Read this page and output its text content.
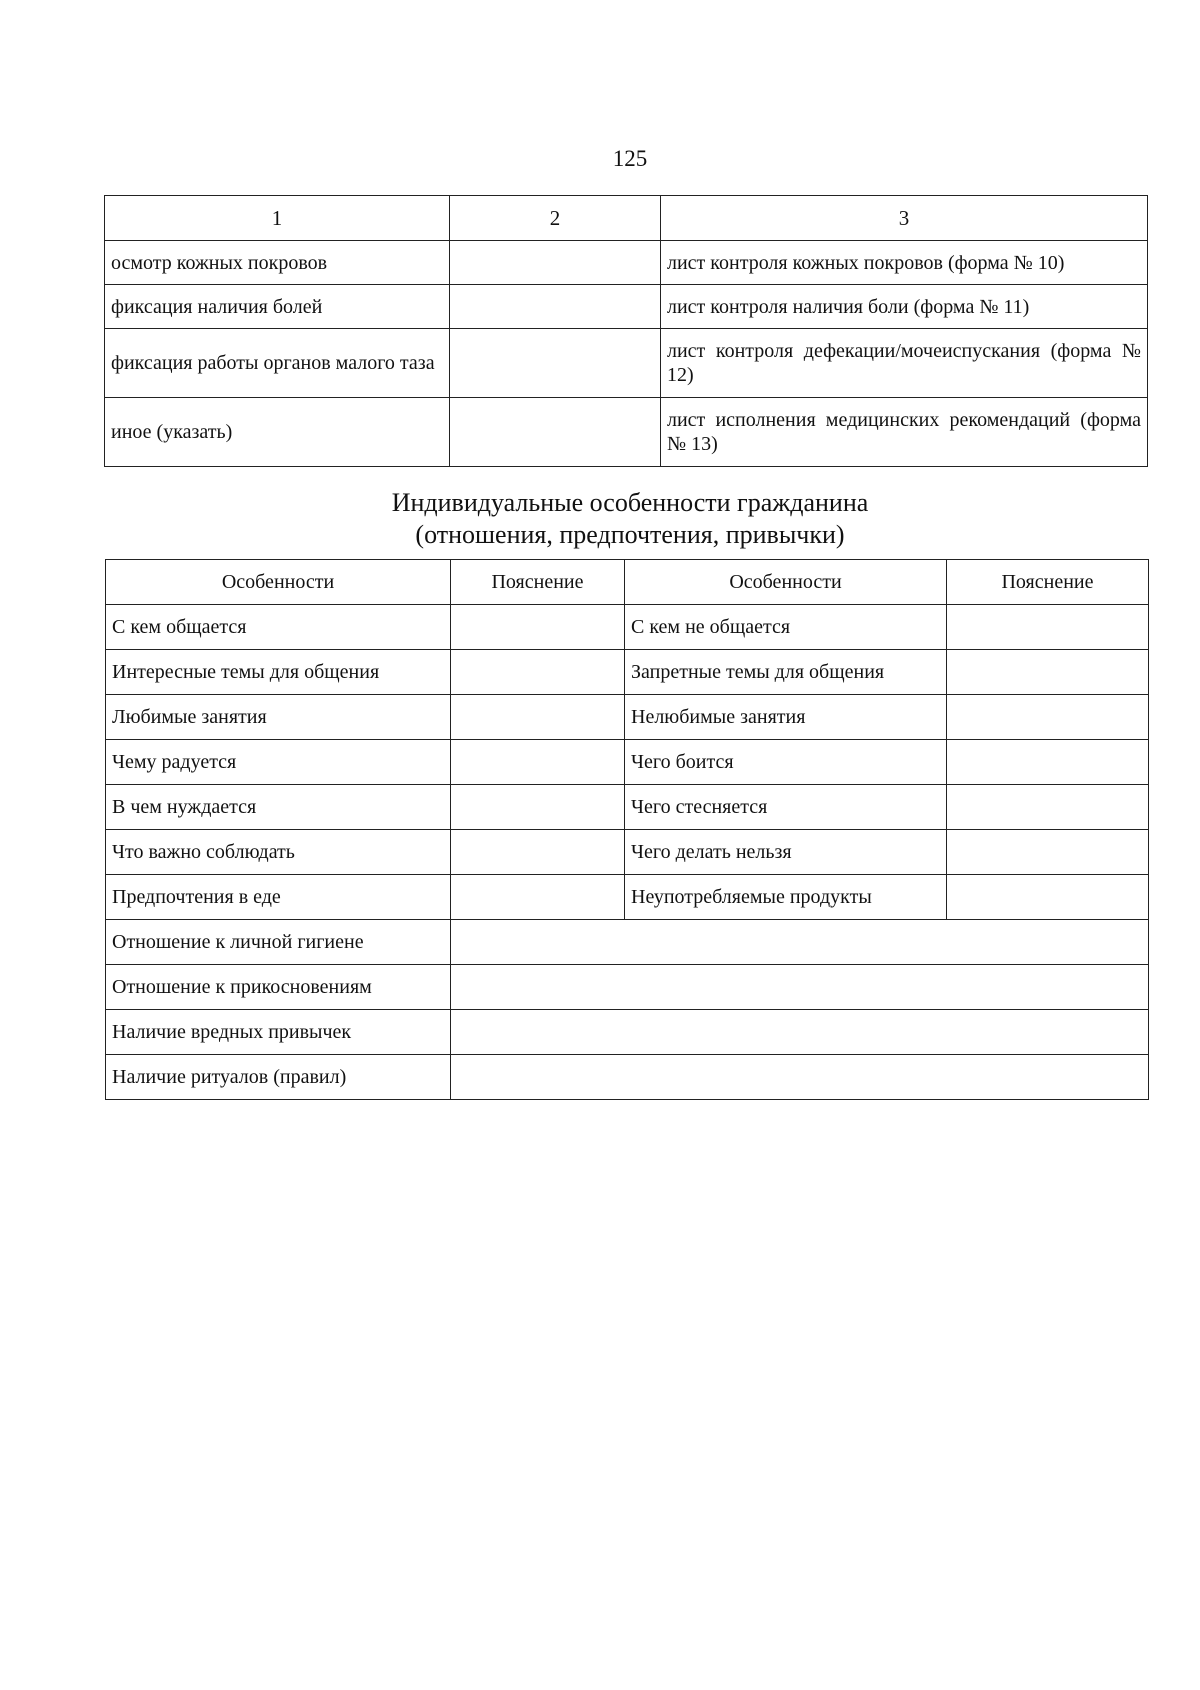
125
1	2	3
осмотр кожных покровов		лист контроля кожных покровов (форма № 10)
фиксация наличия болей		лист контроля наличия боли (форма № 11)
фиксация работы органов малого таза		лист контроля дефекации/мочеиспускания (форма № 12)
иное (указать)		лист исполнения медицинских рекомендаций (форма № 13)
Индивидуальные особенности гражданина
(отношения, предпочтения, привычки)
Особенности	Пояснение	Особенности	Пояснение
С кем общается		С кем не общается	
Интересные темы для общения		Запретные темы для общения	
Любимые занятия		Нелюбимые занятия	
Чему радуется		Чего боится	
В чем нуждается		Чего стесняется	
Что важно соблюдать		Чего делать нельзя	
Предпочтения в еде		Неупотребляемые продукты	
Отношение к личной гигиене			
Отношение к прикосновениям			
Наличие вредных привычек			
Наличие ритуалов (правил)			
